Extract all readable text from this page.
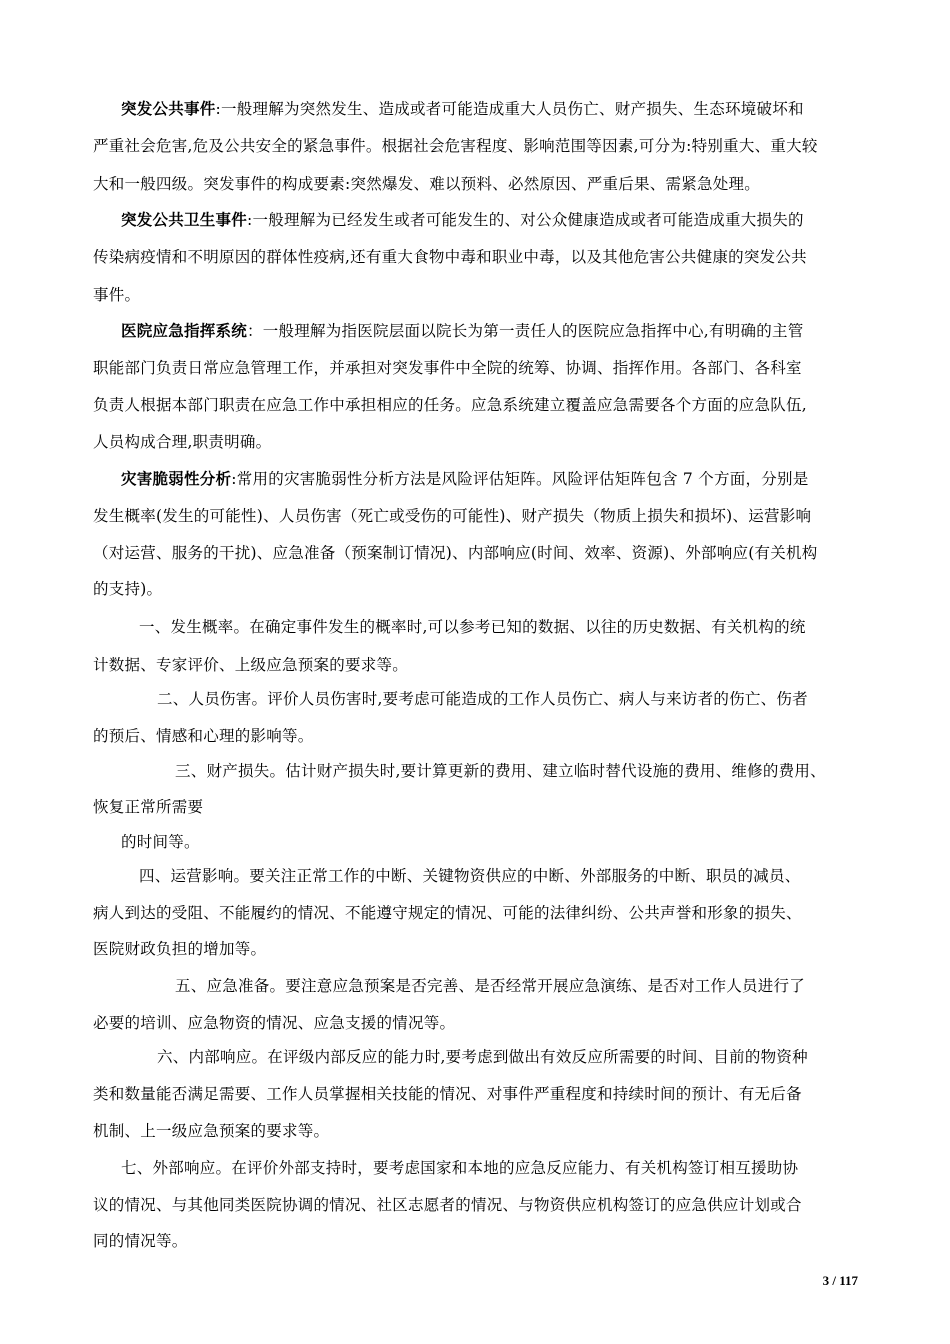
突发公共事件:一般理解为突然发生、造成或者可能造成重大人员伤亡、财产损失、生态环境破坏和
严重社会危害,危及公共安全的紧急事件。根据社会危害程度、影响范围等因素,可分为:特别重大、重大较
大和一般四级。突发事件的构成要素:突然爆发、难以预料、必然原因、严重后果、需紧急处理。
突发公共卫生事件:一般理解为已经发生或者可能发生的、对公众健康造成或者可能造成重大损失的
传染病疫情和不明原因的群体性疫病,还有重大食物中毒和职业中毒，以及其他危害公共健康的突发公共
事件。
医院应急指挥系统：一般理解为指医院层面以院长为第一责任人的医院应急指挥中心,有明确的主管
职能部门负责日常应急管理工作，并承担对突发事件中全院的统筹、协调、指挥作用。各部门、各科室
负责人根据本部门职责在应急工作中承担相应的任务。应急系统建立覆盖应急需要各个方面的应急队伍,
人员构成合理,职责明确。
灾害脆弱性分析:常用的灾害脆弱性分析方法是风险评估矩阵。风险评估矩阵包含 7 个方面，分别是
发生概率(发生的可能性)、人员伤害（死亡或受伤的可能性)、财产损失（物质上损失和损坏)、运营影响
（对运营、服务的干扰)、应急准备（预案制订情况)、内部响应(时间、效率、资源)、外部响应(有关机构
的支持)。
一、发生概率。在确定事件发生的概率时,可以参考已知的数据、以往的历史数据、有关机构的统
计数据、专家评价、上级应急预案的要求等。
二、人员伤害。评价人员伤害时,要考虑可能造成的工作人员伤亡、病人与来访者的伤亡、伤者
的预后、情感和心理的影响等。
三、财产损失。估计财产损失时,要计算更新的费用、建立临时替代设施的费用、维修的费用、
恢复正常所需要
的时间等。
四、运营影响。要关注正常工作的中断、关键物资供应的中断、外部服务的中断、职员的减员、
病人到达的受阻、不能履约的情况、不能遵守规定的情况、可能的法律纠纷、公共声誉和形象的损失、
医院财政负担的增加等。
五、应急准备。要注意应急预案是否完善、是否经常开展应急演练、是否对工作人员进行了
必要的培训、应急物资的情况、应急支援的情况等。
六、内部响应。在评级内部反应的能力时,要考虑到做出有效反应所需要的时间、目前的物资种
类和数量能否满足需要、工作人员掌握相关技能的情况、对事件严重程度和持续时间的预计、有无后备
机制、上一级应急预案的要求等。
七、外部响应。在评价外部支持时，要考虑国家和本地的应急反应能力、有关机构签订相互援助协
议的情况、与其他同类医院协调的情况、社区志愿者的情况、与物资供应机构签订的应急供应计划或合
同的情况等。
3 / 117
